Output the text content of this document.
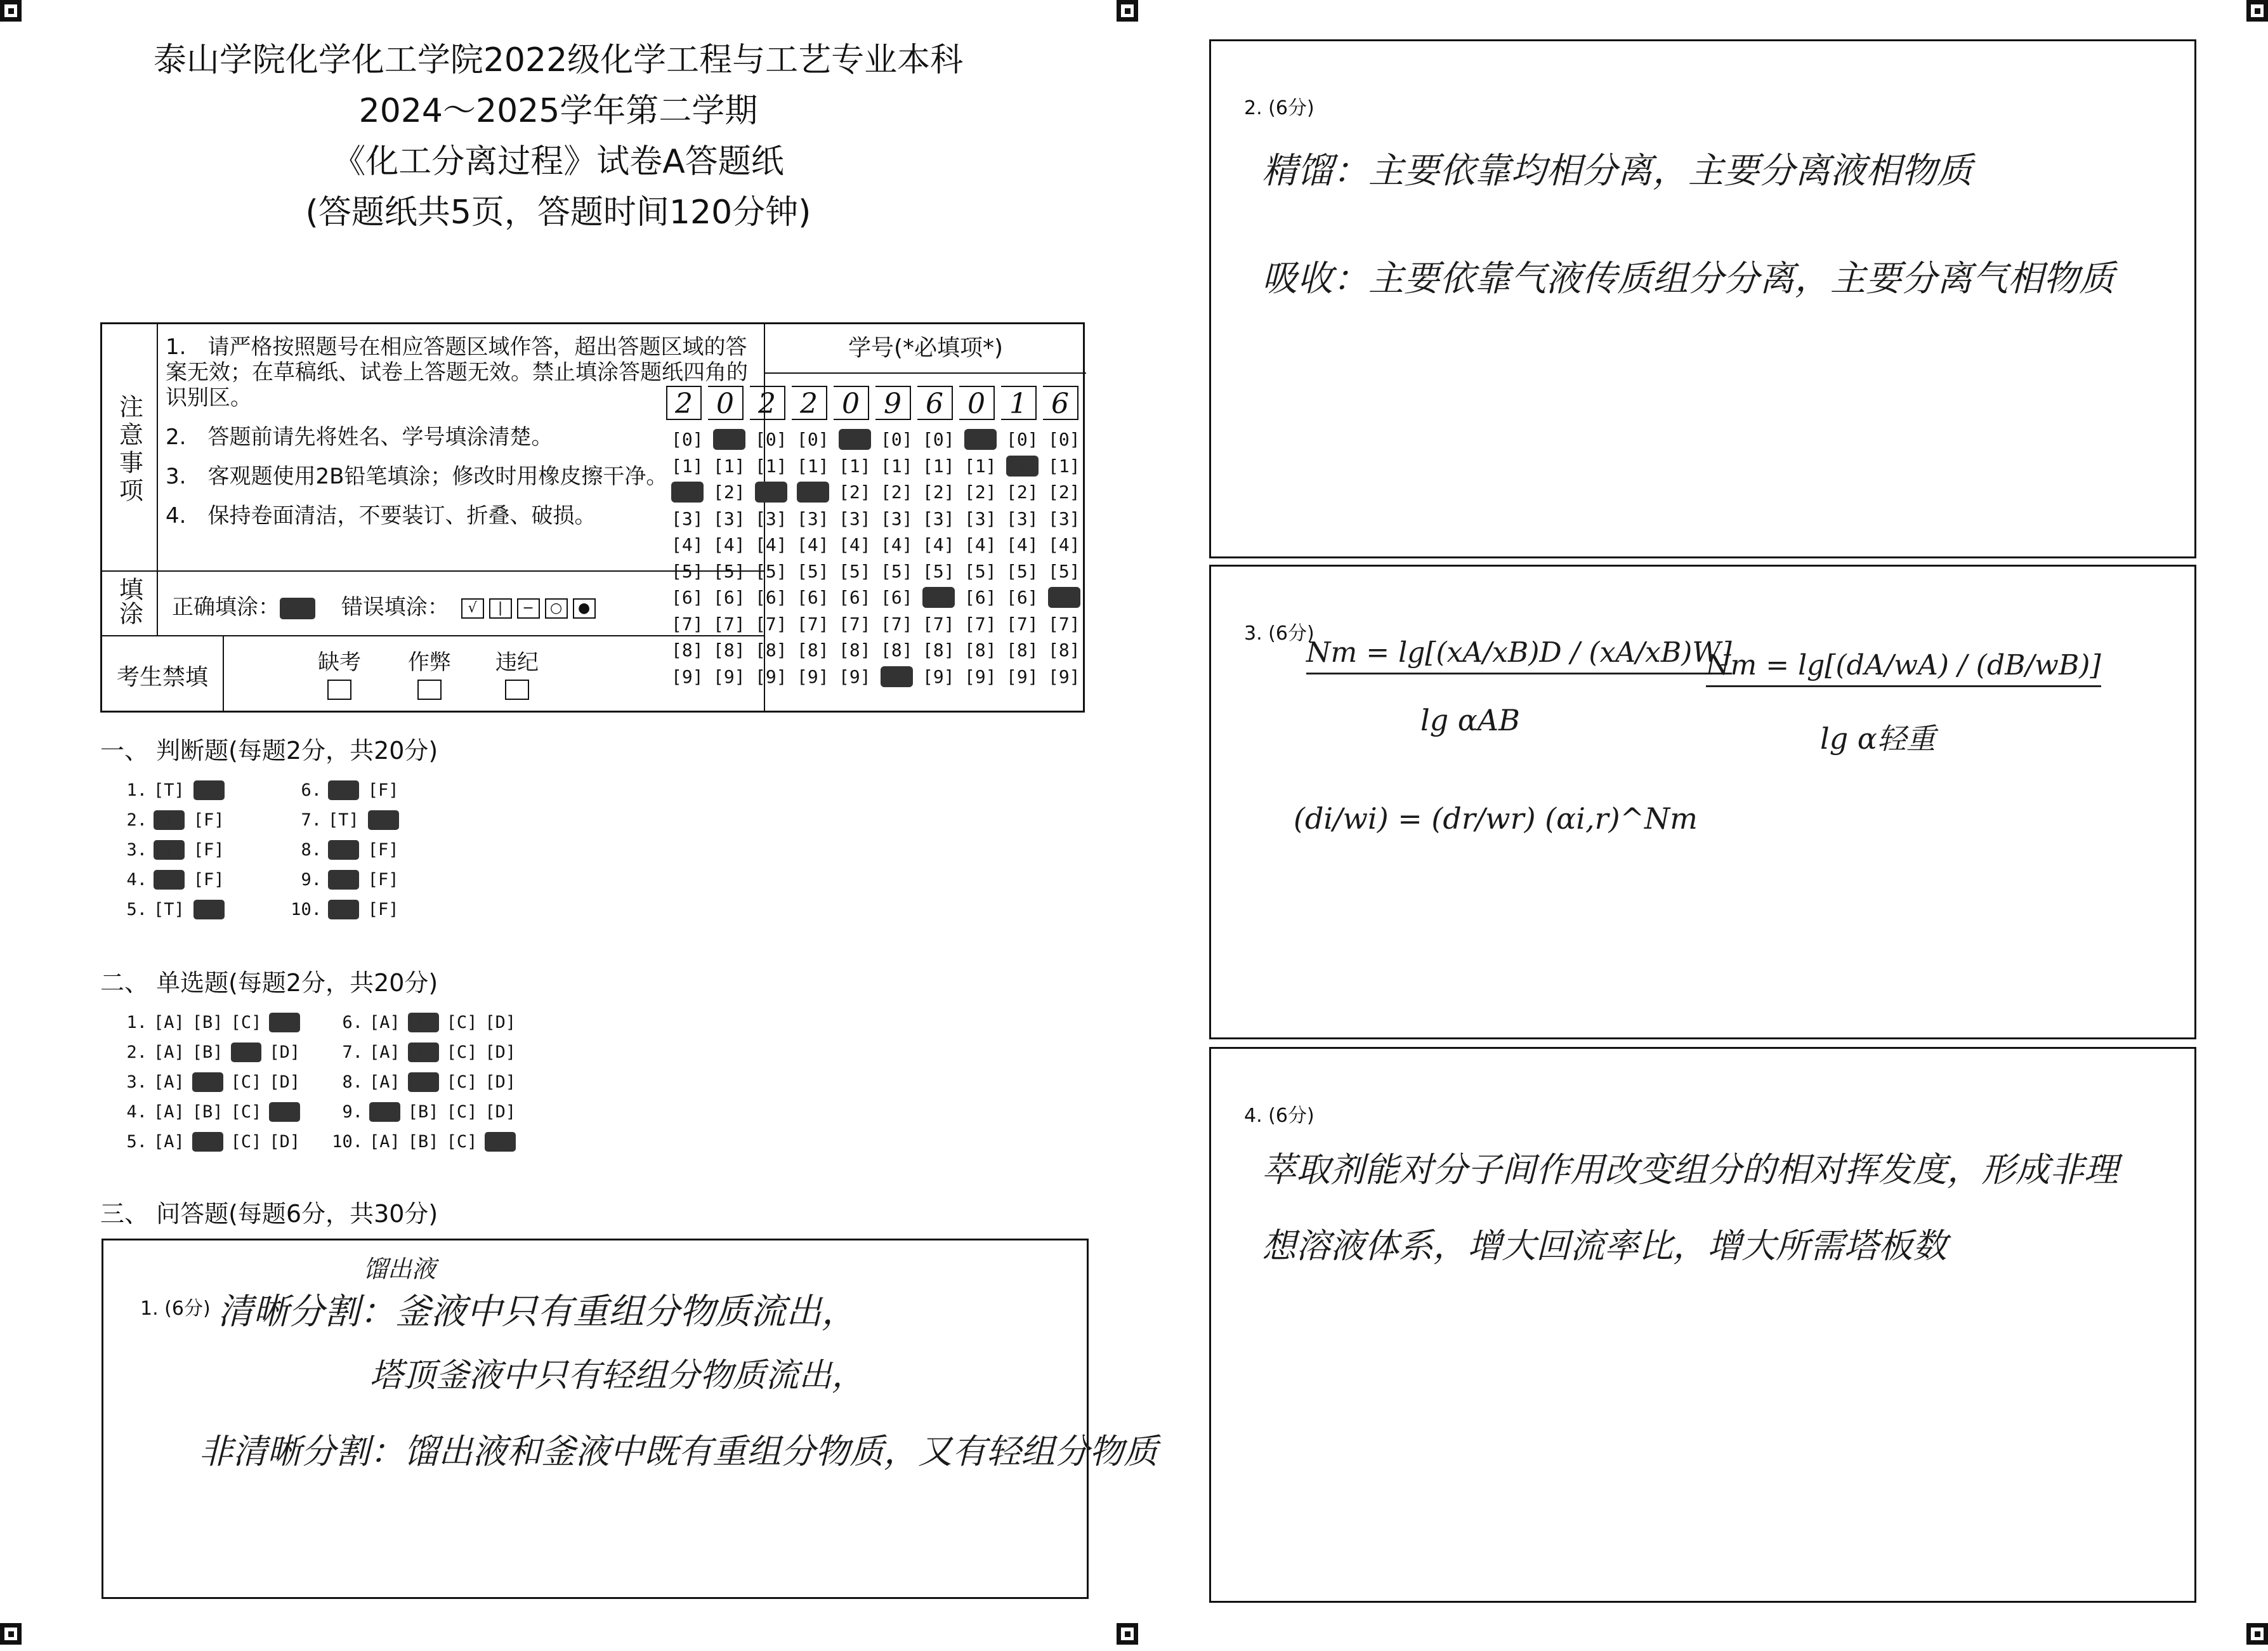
泰山学院化学化工学院2022级化学工程与工艺专业本科
2024～2025学年第二学期
《化工分离过程》试卷A答题纸
(答题纸共5页，答题时间120分钟)
注意事项
1.　请严格按照题号在相应答题区域作答，超出答题区域的答案无效；在草稿纸、试卷上答题无效。禁止填涂答题纸四角的识别区。
2.　答题前请先将姓名、学号填涂清楚。
3.　客观题使用2B铅笔填涂；修改时用橡皮擦干净。
4.　保持卷面清洁，不要装订、折叠、破损。
填涂 正确填涂：	错误填涂： √ | − ○ ●
考生禁填
缺考 作弊 违纪
学号(*必填项*)
2 0 2 2 0 9 6 0 1 6
[0]
[1]
[2]
[3]
[4]
[5]
[6]
[7]
[8]
[9]
[0]
[1]
[2]
[3]
[4]
[5]
[6]
[7]
[8]
[9]
[0]
[1]
[2]
[3]
[4]
[5]
[6]
[7]
[8]
[9]
[0]
[1]
[2]
[3]
[4]
[5]
[6]
[7]
[8]
[9]
[0]
[1]
[2]
[3]
[4]
[5]
[6]
[7]
[8]
[9]
[0]
[1]
[2]
[3]
[4]
[5]
[6]
[7]
[8]
[9]
[0]
[1]
[2]
[3]
[4]
[5]
[6]
[7]
[8]
[9]
[0]
[1]
[2]
[3]
[4]
[5]
[6]
[7]
[8]
[9]
[0]
[1]
[2]
[3]
[4]
[5]
[6]
[7]
[8]
[9]
[0]
[1]
[2]
[3]
[4]
[5]
[6]
[7]
[8]
[9]
一、 判断题(每题2分，共20分)
1. [T] [F]
2. [T] [F]
3. [T] [F]
4. [T] [F]
5. [T] [F]
6. [T] [F]
7. [T] [F]
8. [T] [F]
9. [T] [F]
10. [T] [F]
二、 单选题(每题2分，共20分)
1. [A] [B] [C] [D]
2. [A] [B] [C] [D]
3. [A] [B] [C] [D]
4. [A] [B] [C] [D]
5. [A] [B] [C] [D]
6. [A] [B] [C] [D]
7. [A] [B] [C] [D]
8. [A] [B] [C] [D]
9. [A] [B] [C] [D]
10. [A] [B] [C] [D]
三、 问答题(每题6分，共30分)
1. (6分)
馏出液
清晰分割：釜液中只有重组分物质流出，
塔顶釜液中只有轻组分物质流出，
非清晰分割：馏出液和釜液中既有重组分物质，又有轻组分物质
2. (6分)
精馏：主要依靠均相分离，主要分离液相物质
吸收：主要依靠气液传质组分分离，主要分离气相物质
3. (6分)
Nm = lg[(xA/xB)D / (xA/xB)W]
lg αAB
Nm = lg[(dA/wA) / (dB/wB)]
lg α轻重
(di/wi) = (dr/wr) (αi,r)^Nm
4. (6分)
萃取剂能对分子间作用改变组分的相对挥发度，形成非理
想溶液体系，增大回流率比，增大所需塔板数
